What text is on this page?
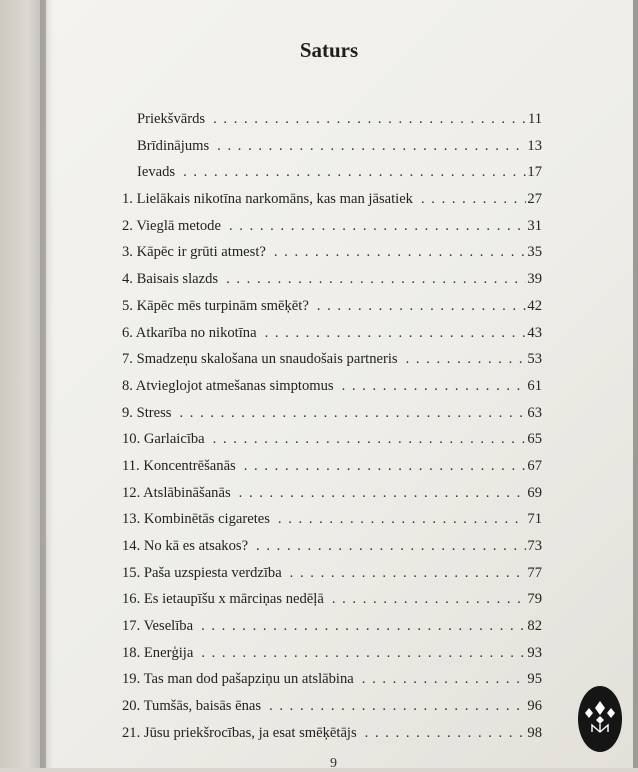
Saturs
Priekšvārds . . .	11
Brīdinājums . . .	13
Ievads . . .	17
1. Lielākais nikotīna narkomāns, kas man jāsatiek . . .	27
2. Vieglā metode . . .	31
3. Kāpēc ir grūti atmest? . . .	35
4. Baisais slazds . . .	39
5. Kāpēc mēs turpinām smēķēt? . . .	42
6. Atkarība no nikotīna . . .	43
7. Smadzeņu skalošana un snaudošais partneris . . .	53
8. Atvieglojot atmešanas simptomus . . .	61
9. Stress . . .	63
10. Garlaicība . . .	65
11. Koncentrēšanās . . .	67
12. Atslābināšanās . . .	69
13. Kombinētās cigaretes . . .	71
14. No kā es atsakos? . . .	73
15. Paša uzspiesta verdzība . . .	77
16. Es ietaupīšu x mārciņas nedēļā . . .	79
17. Veselība . . .	82
18. Enerģija . . .	93
19. Tas man dod pašapziņu un atslābina . . .	95
20. Tumšās, baisās ēnas . . .	96
21. Jūsu priekšrocības, ja esat smēķētājs . . .	98
9
